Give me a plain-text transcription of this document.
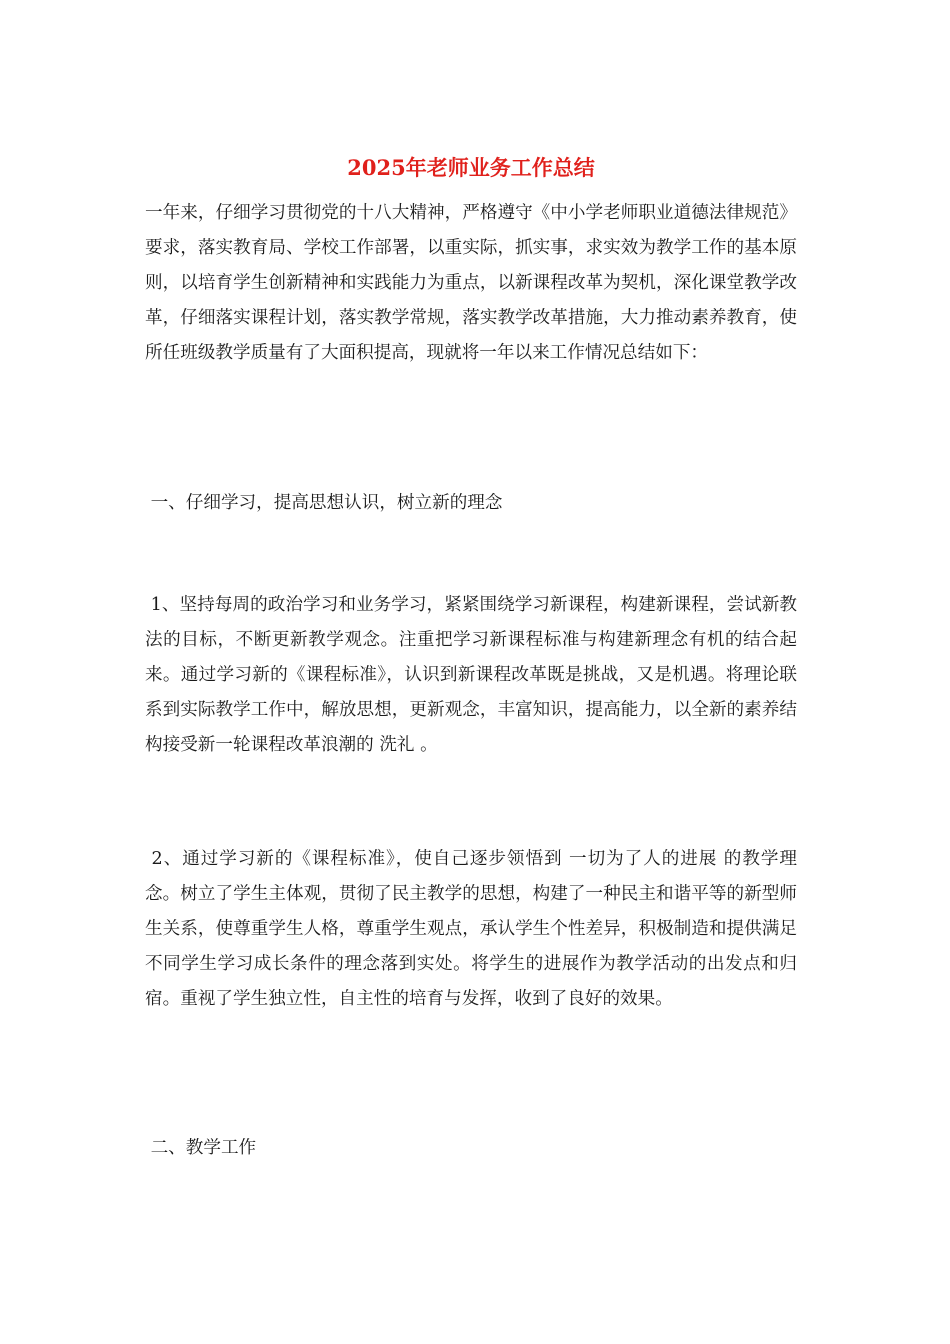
2025年老师业务工作总结

一年来，仔细学习贯彻党的十八大精神，严格遵守《中小学老师职业道德法律规范》要求，落实教育局、学校工作部署，以重实际，抓实事，求实效为教学工作的基本原则，以培育学生创新精神和实践能力为重点，以新课程改革为契机，深化课堂教学改革，仔细落实课程计划，落实教学常规，落实教学改革措施，大力推动素养教育，使所任班级教学质量有了大面积提高，现就将一年以来工作情况总结如下：

一、仔细学习，提高思想认识，树立新的理念

1、坚持每周的政治学习和业务学习，紧紧围绕学习新课程，构建新课程，尝试新教法的目标，不断更新教学观念。注重把学习新课程标准与构建新理念有机的结合起来。通过学习新的《课程标准》，认识到新课程改革既是挑战，又是机遇。将理论联系到实际教学工作中，解放思想，更新观念，丰富知识，提高能力，以全新的素养结构接受新一轮课程改革浪潮的 洗礼 。

2、通过学习新的《课程标准》，使自己逐步领悟到 一切为了人的进展 的教学理念。树立了学生主体观，贯彻了民主教学的思想，构建了一种民主和谐平等的新型师生关系，使尊重学生人格，尊重学生观点，承认学生个性差异，积极制造和提供满足不同学生学习成长条件的理念落到实处。将学生的进展作为教学活动的出发点和归宿。重视了学生独立性，自主性的培育与发挥，收到了良好的效果。

二、教学工作
